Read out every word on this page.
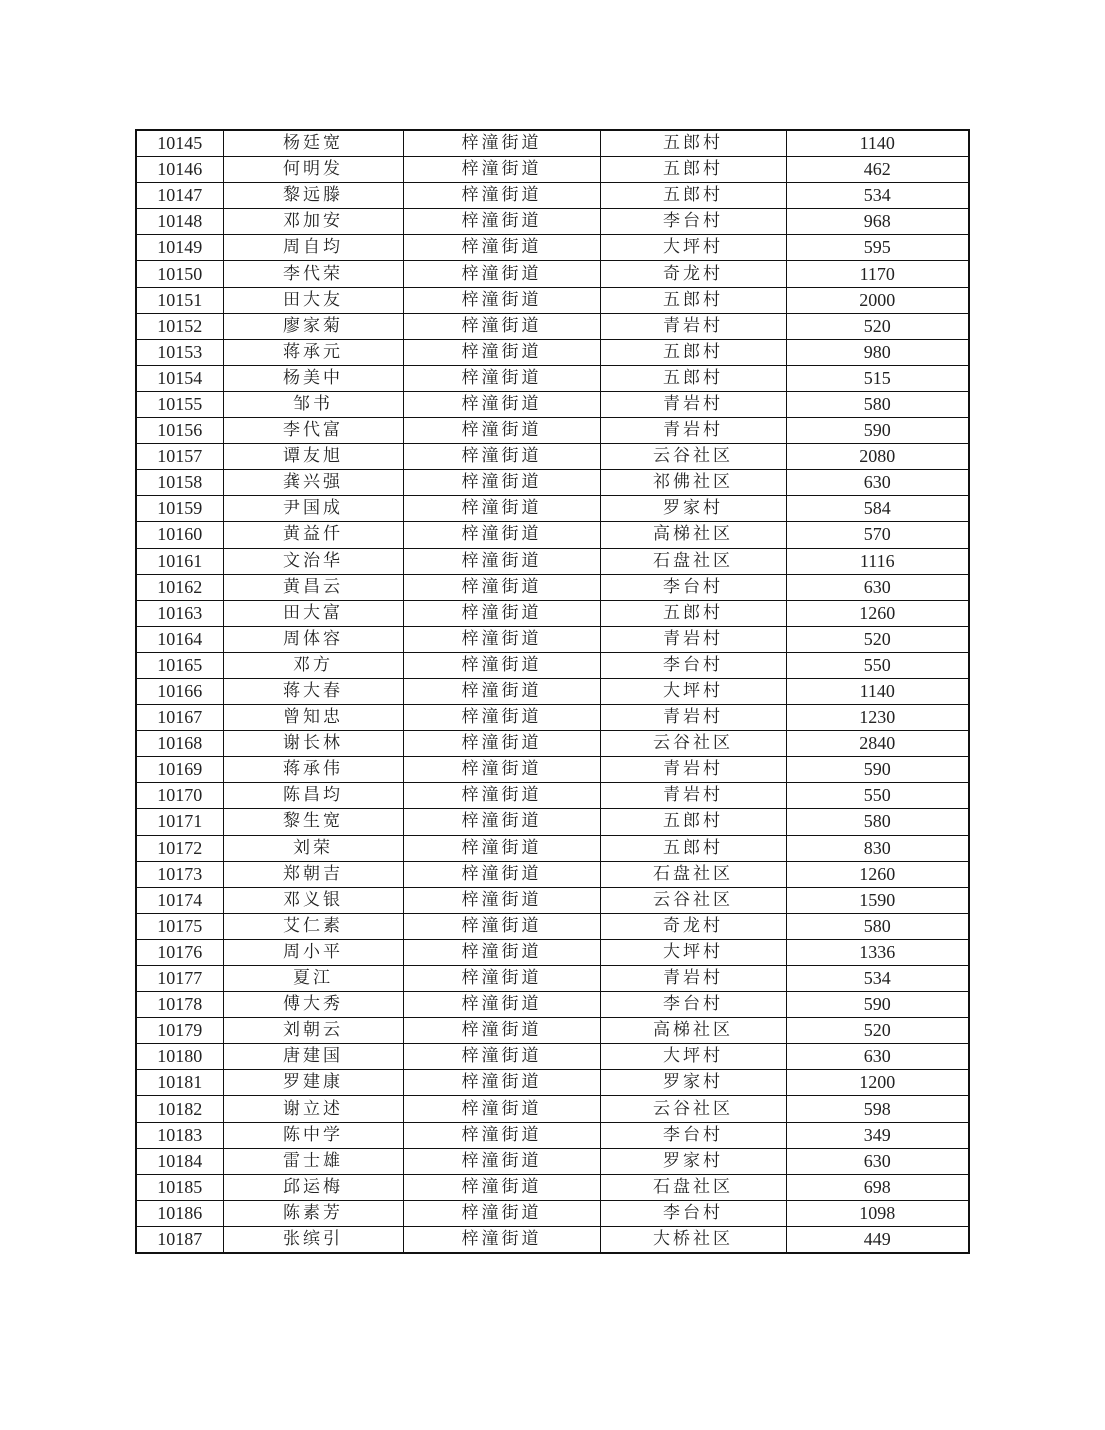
10145	杨廷宽	梓潼街道	五郎村	1140
10146	何明发	梓潼街道	五郎村	462
10147	黎远滕	梓潼街道	五郎村	534
10148	邓加安	梓潼街道	李台村	968
10149	周自均	梓潼街道	大坪村	595
10150	李代荣	梓潼街道	奇龙村	1170
10151	田大友	梓潼街道	五郎村	2000
10152	廖家菊	梓潼街道	青岩村	520
10153	蒋承元	梓潼街道	五郎村	980
10154	杨美中	梓潼街道	五郎村	515
10155	邹书	梓潼街道	青岩村	580
10156	李代富	梓潼街道	青岩村	590
10157	谭友旭	梓潼街道	云谷社区	2080
10158	龚兴强	梓潼街道	祁佛社区	630
10159	尹国成	梓潼街道	罗家村	584
10160	黄益仟	梓潼街道	高梯社区	570
10161	文治华	梓潼街道	石盘社区	1116
10162	黄昌云	梓潼街道	李台村	630
10163	田大富	梓潼街道	五郎村	1260
10164	周体容	梓潼街道	青岩村	520
10165	邓方	梓潼街道	李台村	550
10166	蒋大春	梓潼街道	大坪村	1140
10167	曾知忠	梓潼街道	青岩村	1230
10168	谢长林	梓潼街道	云谷社区	2840
10169	蒋承伟	梓潼街道	青岩村	590
10170	陈昌均	梓潼街道	青岩村	550
10171	黎生宽	梓潼街道	五郎村	580
10172	刘荣	梓潼街道	五郎村	830
10173	郑朝吉	梓潼街道	石盘社区	1260
10174	邓义银	梓潼街道	云谷社区	1590
10175	艾仁素	梓潼街道	奇龙村	580
10176	周小平	梓潼街道	大坪村	1336
10177	夏江	梓潼街道	青岩村	534
10178	傅大秀	梓潼街道	李台村	590
10179	刘朝云	梓潼街道	高梯社区	520
10180	唐建国	梓潼街道	大坪村	630
10181	罗建康	梓潼街道	罗家村	1200
10182	谢立述	梓潼街道	云谷社区	598
10183	陈中学	梓潼街道	李台村	349
10184	雷士雄	梓潼街道	罗家村	630
10185	邱运梅	梓潼街道	石盘社区	698
10186	陈素芳	梓潼街道	李台村	1098
10187	张缤引	梓潼街道	大桥社区	449
